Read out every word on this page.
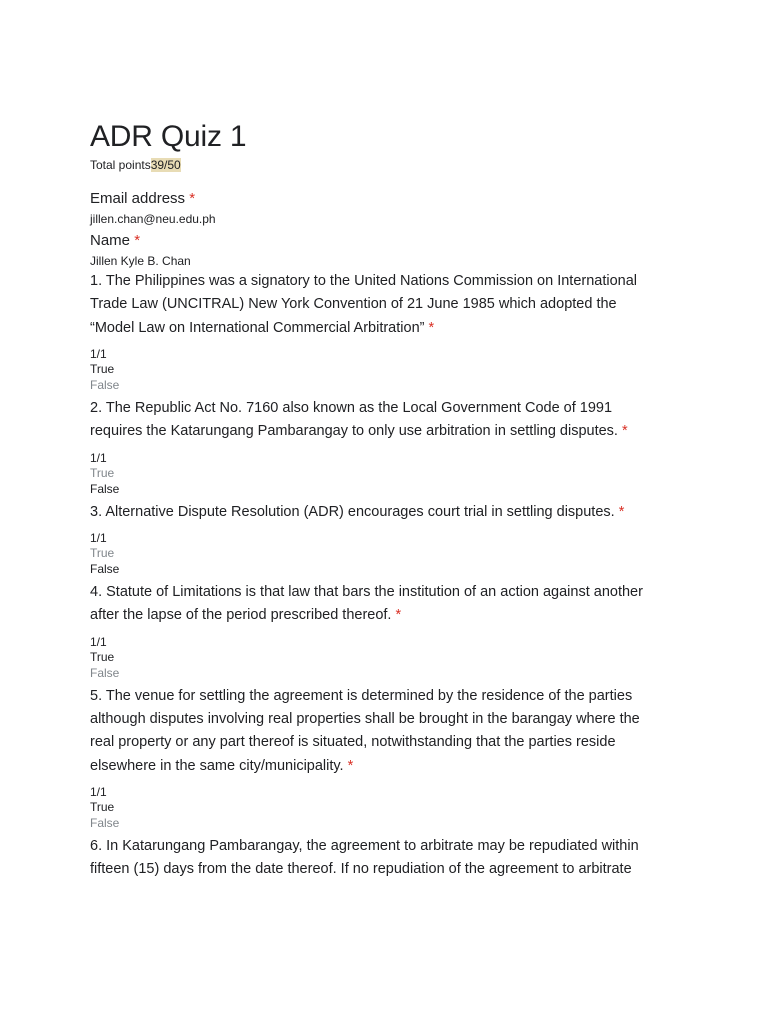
ADR Quiz 1
Total points39/50
Email address *
jillen.chan@neu.edu.ph
Name *
Jillen Kyle B. Chan
1. The Philippines was a signatory to the United Nations Commission on International
Trade Law (UNCITRAL) New York Convention of 21 June 1985 which adopted the
“Model Law on International Commercial Arbitration” *
1/1
True
False
2. The Republic Act No. 7160 also known as the Local Government Code of 1991
requires the Katarungang Pambarangay to only use arbitration in settling disputes. *
1/1
True
False
3. Alternative Dispute Resolution (ADR) encourages court trial in settling disputes. *
1/1
True
False
4. Statute of Limitations is that law that bars the institution of an action against another
after the lapse of the period prescribed thereof. *
1/1
True
False
5. The venue for settling the agreement is determined by the residence of the parties
although disputes involving real properties shall be brought in the barangay where the
real property or any part thereof is situated, notwithstanding that the parties reside
elsewhere in the same city/municipality. *
1/1
True
False
6. In Katarungang Pambarangay, the agreement to arbitrate may be repudiated within
fifteen (15) days from the date thereof. If no repudiation of the agreement to arbitrate
